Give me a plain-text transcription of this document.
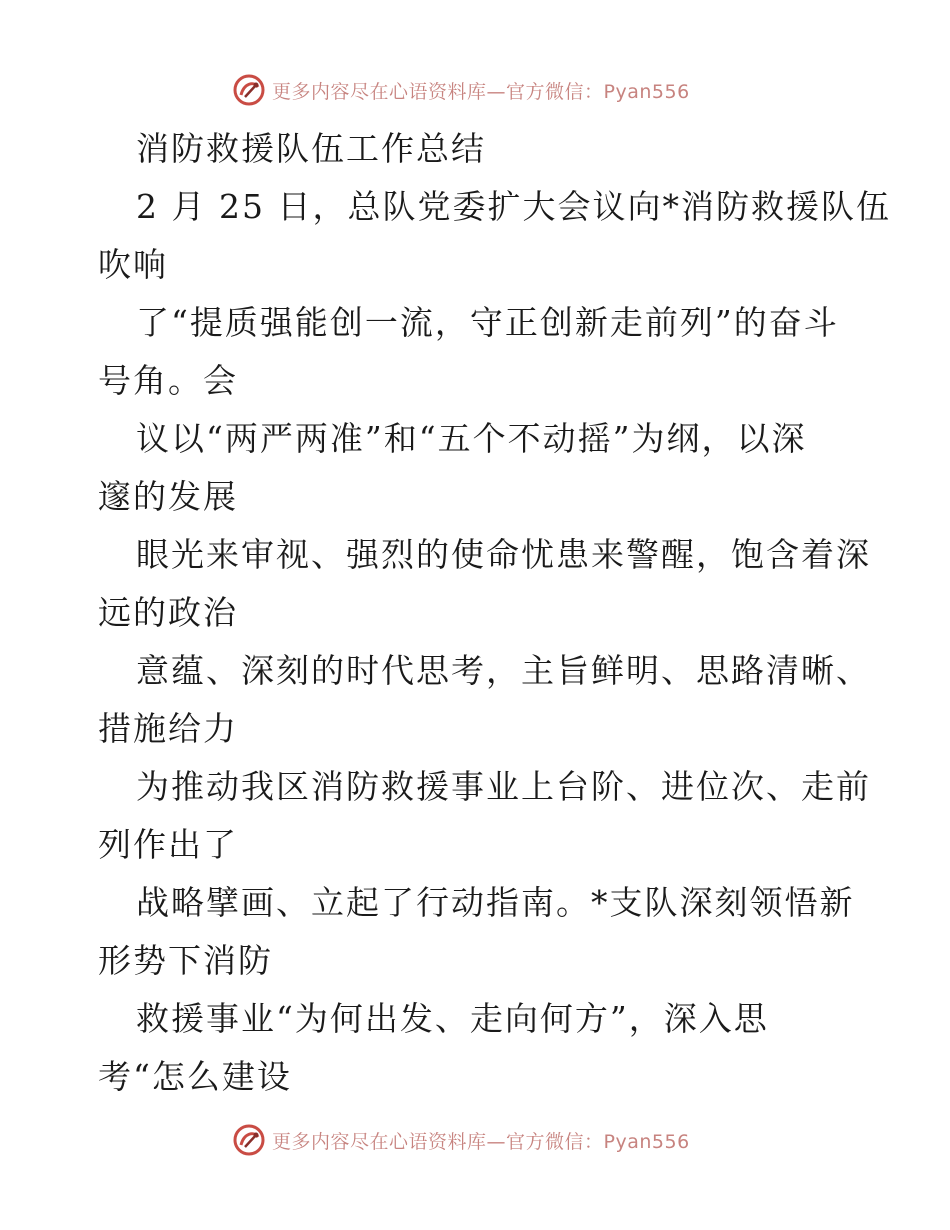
更多内容尽在心语资料库—官方微信：Pyan556
消防救援队伍工作总结
2 月 25 日，总队党委扩大会议向*消防救援队伍
吹响
了“提质强能创一流，守正创新走前列”的奋斗
号角。会
议以“两严两准”和“五个不动摇”为纲，以深
邃的发展
眼光来审视、强烈的使命忧患来警醒，饱含着深
远的政治
意蕴、深刻的时代思考，主旨鲜明、思路清晰、
措施给力
为推动我区消防救援事业上台阶、进位次、走前
列作出了
战略擘画、立起了行动指南。*支队深刻领悟新
形势下消防
救援事业“为何出发、走向何方”，深入思
考“怎么建设
更多内容尽在心语资料库—官方微信：Pyan556
